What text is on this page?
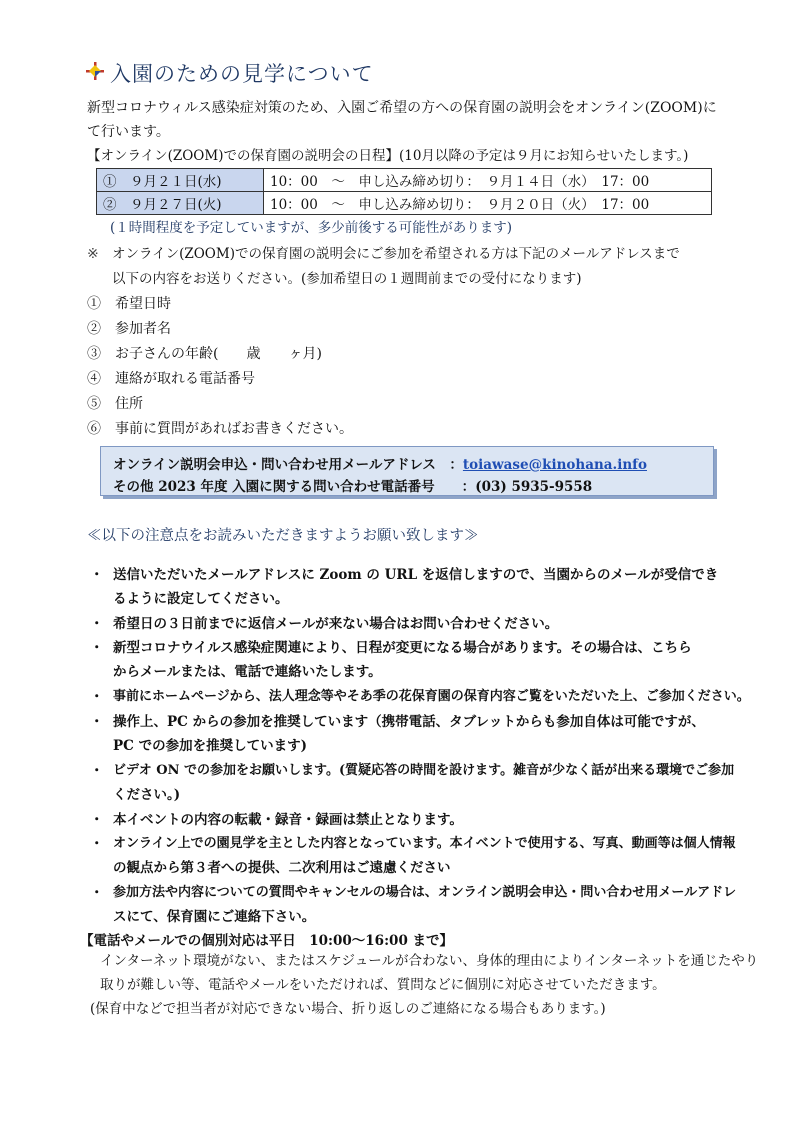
入園のための見学について
新型コロナウィルス感染症対策のため、入園ご希望の方への保育園の説明会をオンライン(ZOOM)に
て行います。
【オンライン(ZOOM)での保育園の説明会の日程】(10月以降の予定は９月にお知らせいたします。)
①　９月２１日(水)	10：00　～　申し込み締め切り：　９月１４日（水）　17：00
②　９月２７日(火)	10：00　～　申し込み締め切り：　９月２０日（火）　17：00
(１時間程度を予定していますが、多少前後する可能性があります)
※ オンライン(ZOOM)での保育園の説明会にご参加を希望される方は下記のメールアドレスまで
以下の内容をお送りください。(参加希望日の１週間前までの受付になります)
①　希望日時
②　参加者名
③　お子さんの年齢(　　歳　　ヶ月)
④　連絡が取れる電話番号
⑤　住所
⑥　事前に質問があればお書きください。
オンライン説明会申込・問い合わせ用メールアドレス　：toiawase@kinohana.info
その他 2023 年度 入園に関する問い合わせ電話番号　　：(03) 5935-9558
≪以下の注意点をお読みいただきますようお願い致します≫
・ 送信いただいたメールアドレスに Zoom の URL を返信しますので、当園からのメールが受信でき
るように設定してください。
・ 希望日の３日前までに返信メールが来ない場合はお問い合わせください。
・ 新型コロナウイルス感染症関連により、日程が変更になる場合があります。その場合は、こちら
からメールまたは、電話で連絡いたします。
・ 事前にホームページから、法人理念等やそあ季の花保育園の保育内容ご覧をいただいた上、ご参加ください。
・ 操作上、PC からの参加を推奨しています（携帯電話、タブレットからも参加自体は可能ですが、
PC での参加を推奨しています)
・ ビデオ ON での参加をお願いします。(質疑応答の時間を設けます。雑音が少なく話が出来る環境でご参加
ください。)
・ 本イベントの内容の転載・録音・録画は禁止となります。
・ オンライン上での園見学を主とした内容となっています。本イベントで使用する、写真、動画等は個人情報
の観点から第３者への提供、二次利用はご遠慮ください
・ 参加方法や内容についての質問やキャンセルの場合は、オンライン説明会申込・問い合わせ用メールアドレ
スにて、保育園にご連絡下さい。
【電話やメールでの個別対応は平日　10:00～16:00 まで】
インターネット環境がない、またはスケジュールが合わない、身体的理由によりインターネットを通じたやり
取りが難しい等、電話やメールをいただければ、質問などに個別に対応させていただきます。
(保育中などで担当者が対応できない場合、折り返しのご連絡になる場合もあります。)
